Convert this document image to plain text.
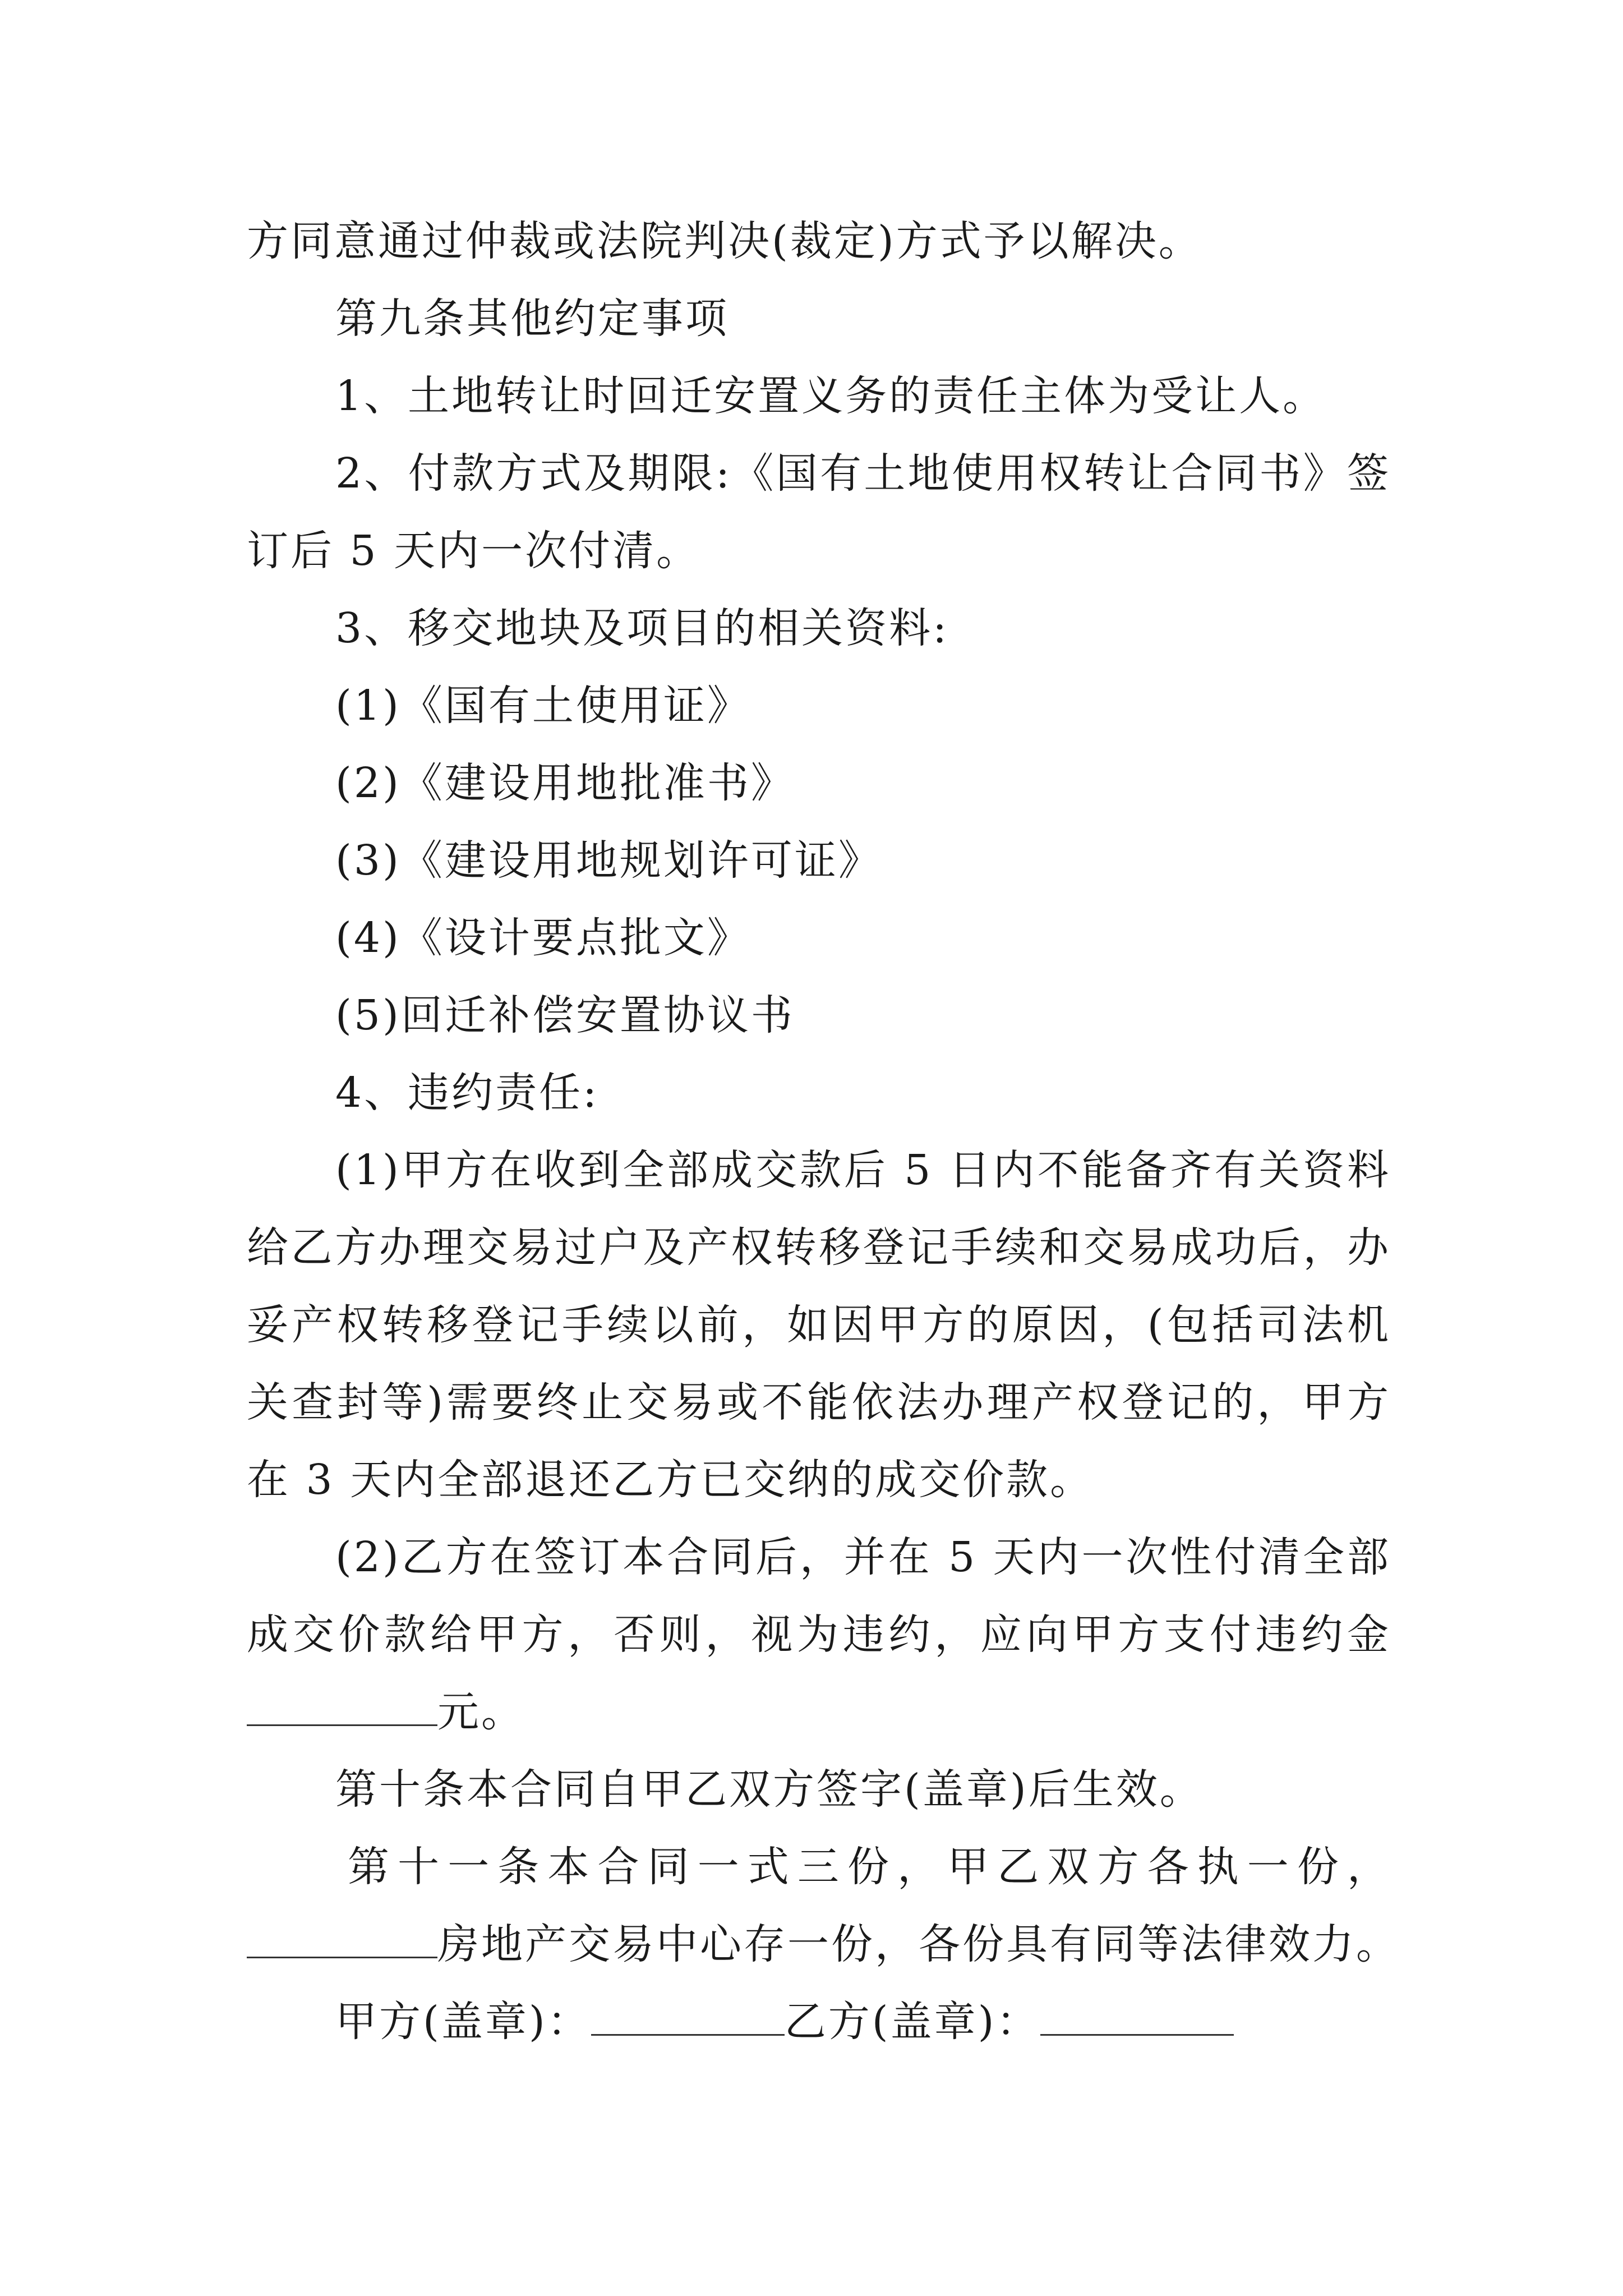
方同意通过仲裁或法院判决(裁定)方式予以解决。
第九条其他约定事项
1、土地转让时回迁安置义务的责任主体为受让人。
2、付款方式及期限:《国有土地使用权转让合同书》签
订后 5 天内一次付清。
3、移交地块及项目的相关资料:
(1)《国有土使用证》
(2)《建设用地批准书》
(3)《建设用地规划许可证》
(4)《设计要点批文》
(5)回迁补偿安置协议书
4、违约责任:
(1)甲方在收到全部成交款后 5 日内不能备齐有关资料
给乙方办理交易过户及产权转移登记手续和交易成功后，办
妥产权转移登记手续以前，如因甲方的原因，(包括司法机
关查封等)需要终止交易或不能依法办理产权登记的，甲方
在 3 天内全部退还乙方已交纳的成交价款。
(2)乙方在签订本合同后，并在 5 天内一次性付清全部
成交价款给甲方，否则，视为违约，应向甲方支付违约金
元。
第十条本合同自甲乙双方签字(盖章)后生效。
第十一条本合同一式三份，甲乙双方各执一份，
房地产交易中心存一份，各份具有同等法律效力。
甲方(盖章)：	乙方(盖章)：
